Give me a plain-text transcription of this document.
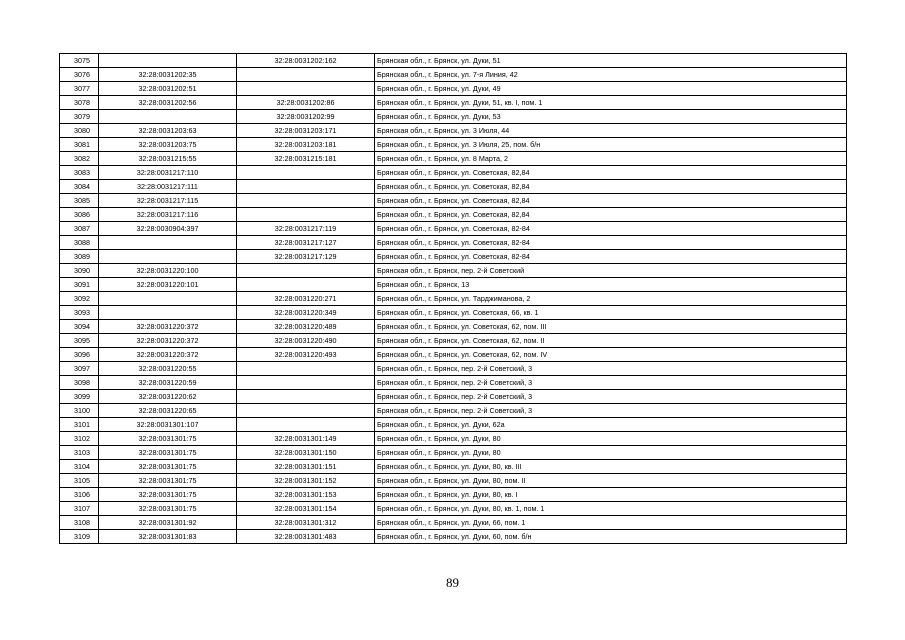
3075		32:28:0031202:162	Брянская обл., г. Брянск, ул. Дуки, 51
3076	32:28:0031202:35		Брянская обл., г. Брянск, ул. 7-я Линия, 42
3077	32:28:0031202:51		Брянская обл., г. Брянск, ул. Дуки, 49
3078	32:28:0031202:56	32:28:0031202:86	Брянская обл., г. Брянск, ул. Дуки, 51, кв. I, пом. 1
3079		32:28:0031202:99	Брянская обл., г. Брянск, ул. Дуки, 53
3080	32:28:0031203:63	32:28:0031203:171	Брянская обл., г. Брянск, ул. 3 Июля, 44
3081	32:28:0031203:75	32:28:0031203:181	Брянская обл., г. Брянск, ул. 3 Июля, 25, пом. б/н
3082	32:28:0031215:55	32:28:0031215:181	Брянская обл., г. Брянск, ул. 8 Марта, 2
3083	32:28:0031217:110		Брянская обл., г. Брянск, ул. Советская, 82,84
3084	32:28:0031217:111		Брянская обл., г. Брянск, ул. Советская, 82,84
3085	32:28:0031217:115		Брянская обл., г. Брянск, ул. Советская, 82,84
3086	32:28:0031217:116		Брянская обл., г. Брянск, ул. Советская, 82,84
3087	32:28:0030904:397	32:28:0031217:119	Брянская обл., г. Брянск, ул. Советская, 82-84
3088		32:28:0031217:127	Брянская обл., г. Брянск, ул. Советская, 82-84
3089		32:28:0031217:129	Брянская обл., г. Брянск, ул. Советская, 82-84
3090	32:28:0031220:100		Брянская обл., г. Брянск, пер. 2-й Советский
3091	32:28:0031220:101		Брянская обл., г. Брянск, 13
3092		32:28:0031220:271	Брянская обл., г. Брянск, ул. Тарджиманова, 2
3093		32:28:0031220:349	Брянская обл., г. Брянск, ул. Советская, 66, кв. 1
3094	32:28:0031220:372	32:28:0031220:489	Брянская обл., г. Брянск, ул. Советская, 62, пом. III
3095	32:28:0031220:372	32:28:0031220:490	Брянская обл., г. Брянск, ул. Советская, 62, пом. II
3096	32:28:0031220:372	32:28:0031220:493	Брянская обл., г. Брянск, ул. Советская, 62, пом. IV
3097	32:28:0031220:55		Брянская обл., г. Брянск, пер. 2-й Советский, 3
3098	32:28:0031220:59		Брянская обл., г. Брянск, пер. 2-й Советский, 3
3099	32:28:0031220:62		Брянская обл., г. Брянск, пер. 2-й Советский, 3
3100	32:28:0031220:65		Брянская обл., г. Брянск, пер. 2-й Советский, 3
3101	32:28:0031301:107		Брянская обл., г. Брянск, ул. Дуки, 62а
3102	32:28:0031301:75	32:28:0031301:149	Брянская обл., г. Брянск, ул. Дуки, 80
3103	32:28:0031301:75	32:28:0031301:150	Брянская обл., г. Брянск, ул. Дуки, 80
3104	32:28:0031301:75	32:28:0031301:151	Брянская обл., г. Брянск, ул. Дуки, 80, кв. III
3105	32:28:0031301:75	32:28:0031301:152	Брянская обл., г. Брянск, ул. Дуки, 80, пом. II
3106	32:28:0031301:75	32:28:0031301:153	Брянская обл., г. Брянск, ул. Дуки, 80, кв. I
3107	32:28:0031301:75	32:28:0031301:154	Брянская обл., г. Брянск, ул. Дуки, 80, кв. 1, пом. 1
3108	32:28:0031301:92	32:28:0031301:312	Брянская обл., г. Брянск, ул. Дуки, 66, пом. 1
3109	32:28:0031301:83	32:28:0031301:483	Брянская обл., г. Брянск, ул. Дуки, 60, пом. б/н
89
